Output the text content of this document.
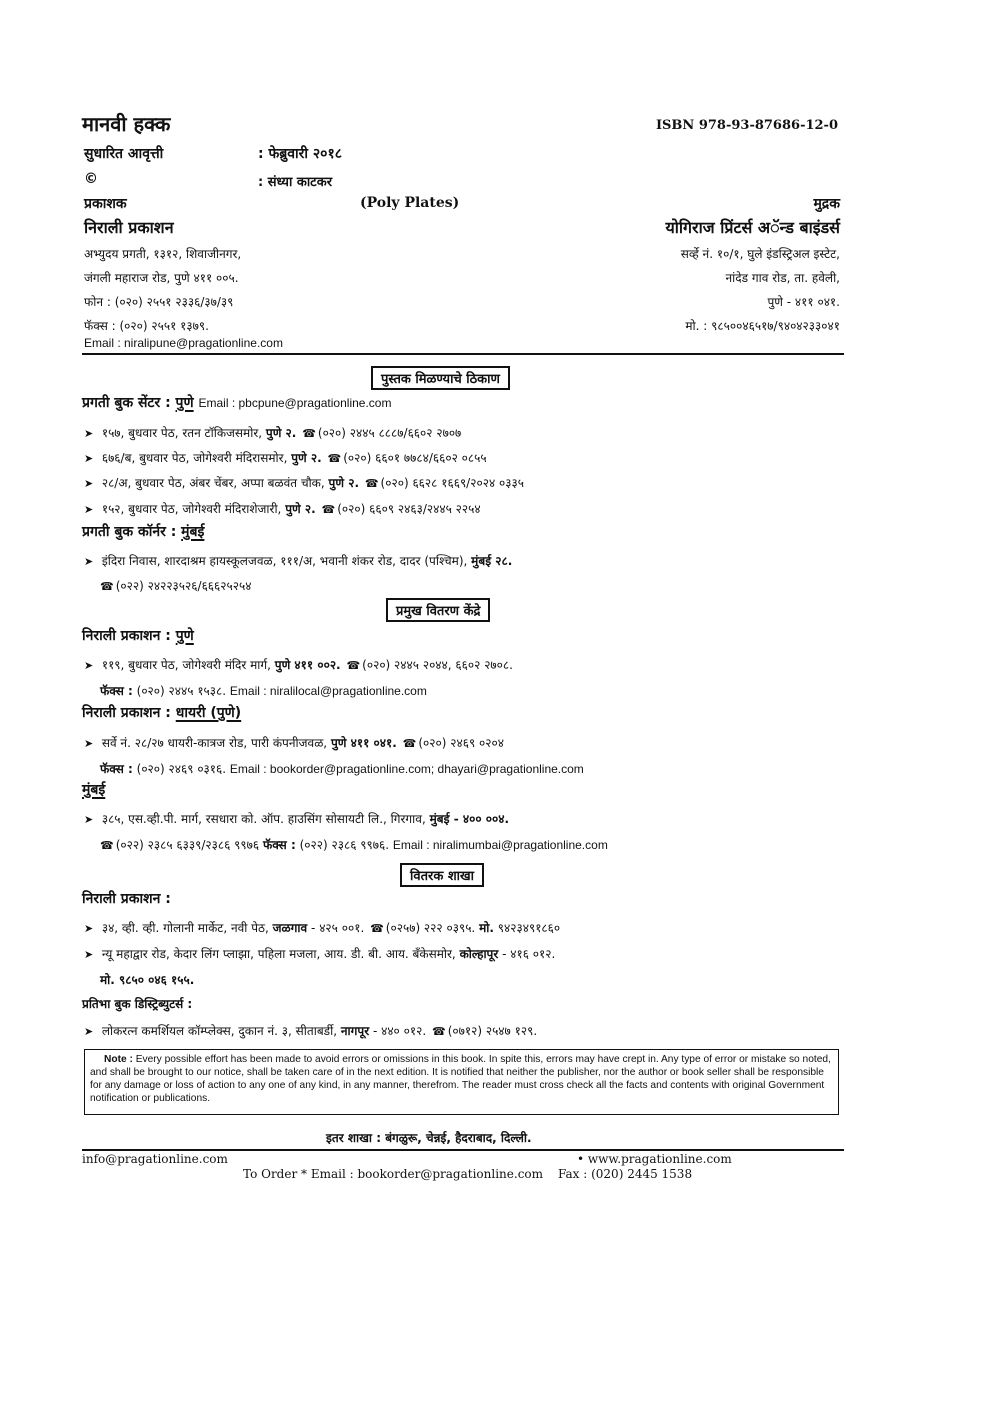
मानवी हक्क	ISBN 978-93-87686-12-0
सुधारित आवृत्ती	: फेब्रुवारी २०१८
©	: संध्या काटकर
प्रकाशक	(Poly Plates)	मुद्रक
निराली प्रकाशन	योगिराज प्रिंटर्स अॅन्ड बाइंडर्स
अभ्युदय प्रगती, १३१२, शिवाजीनगर,
जंगली महाराज रोड, पुणे ४११ ००५.
फोन : (०२०) २५५१ २३३६/३७/३९
फॅक्स : (०२०) २५५१ १३७९.
Email : niralipune@pragationline.com
सर्व्हे नं. १०/१, घुले इंडस्ट्रिअल इस्टेट,
नांदेड गाव रोड, ता. हवेली,
पुणे - ४११ ०४१.
मो. : ९८५००४६५१७/९४०४२३३०४१
पुस्तक मिळण्याचे ठिकाण
प्रगती बुक सेंटर : पुणे Email : pbcpune@pragationline.com
➤ १५७, बुधवार पेठ, रतन टॉकिजसमोर, पुणे २. ☎ (०२०) २४४५ ८८८७/६६०२ २७०७
➤ ६७६/ब, बुधवार पेठ, जोगेश्वरी मंदिरासमोर, पुणे २. ☎ (०२०) ६६०१ ७७८४/६६०२ ०८५५
➤ २८/अ, बुधवार पेठ, अंबर चेंबर, अप्पा बळवंत चौक, पुणे २. ☎ (०२०) ६६२८ १६६९/२०२४ ०३३५
➤ १५२, बुधवार पेठ, जोगेश्वरी मंदिराशेजारी, पुणे २. ☎ (०२०) ६६०९ २४६३/२४४५ २२५४
प्रगती बुक कॉर्नर : मुंबई
➤ इंदिरा निवास, शारदाश्रम हायस्कूलजवळ, १११/अ, भवानी शंकर रोड, दादर (पश्चिम), मुंबई २८.
☎ (०२२) २४२२३५२६/६६६२५२५४
प्रमुख वितरण केंद्रे
निराली प्रकाशन : पुणे
➤ ११९, बुधवार पेठ, जोगेश्वरी मंदिर मार्ग, पुणे ४११ ००२. ☎ (०२०) २४४५ २०४४, ६६०२ २७०८.
फॅक्स : (०२०) २४४५ १५३८. Email : niralilocal@pragationline.com
निराली प्रकाशन : धायरी (पुणे)
➤ सर्वे नं. २८/२७ धायरी-कात्रज रोड, पारी कंपनीजवळ, पुणे ४११ ०४१. ☎ (०२०) २४६९ ०२०४
फॅक्स : (०२०) २४६९ ०३१६. Email : bookorder@pragationline.com; dhayari@pragationline.com
मुंबई
➤ ३८५, एस.व्ही.पी. मार्ग, रसधारा को. ऑप. हाउसिंग सोसायटी लि., गिरगाव, मुंबई - ४०० ००४.
☎ (०२२) २३८५ ६३३९/२३८६ ९९७६ फॅक्स : (०२२) २३८६ ९९७६. Email : niralimumbai@pragationline.com
वितरक शाखा
निराली प्रकाशन :
➤ ३४, व्ही. व्ही. गोलानी मार्केट, नवी पेठ, जळगाव - ४२५ ००१. ☎ (०२५७) २२२ ०३९५. मो. ९४२३४९१८६०
➤ न्यू महाद्वार रोड, केदार लिंग प्लाझा, पहिला मजला, आय. डी. बी. आय. बँकेसमोर, कोल्हापूर - ४१६ ०१२.
मो. ९८५० ०४६ १५५.
प्रतिभा बुक डिस्ट्रिब्युटर्स :
➤ लोकरत्न कमर्शियल कॉम्प्लेक्स, दुकान नं. ३, सीताबर्डी, नागपूर - ४४० ०१२. ☎ (०७१२) २५४७ १२९.
Note : Every possible effort has been made to avoid errors or omissions in this book. In spite this, errors may have crept in. Any type of error or mistake so noted, and shall be brought to our notice, shall be taken care of in the next edition. It is notified that neither the publisher, nor the author or book seller shall be responsible for any damage or loss of action to any one of any kind, in any manner, therefrom. The reader must cross check all the facts and contents with original Government notification or publications.
इतर शाखा : बंगळुरू, चेन्नई, हैदराबाद, दिल्ली.
info@pragationline.com	• www.pragationline.com
To Order * Email : bookorder@pragationline.com Fax : (020) 2445 1538
